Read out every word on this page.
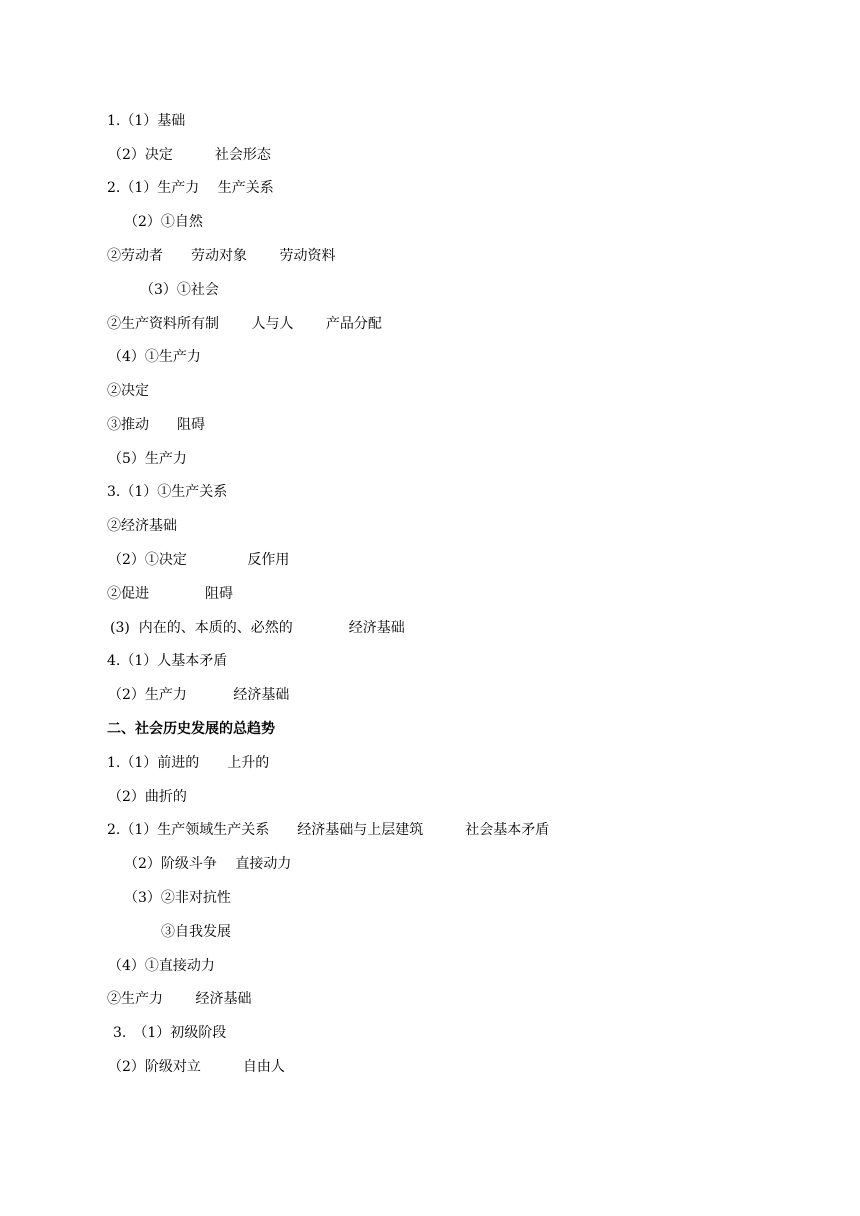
1.（1）基础
（2）决定　　　社会形态
2.（1）生产力　 生产关系
（2）①自然
②劳动者　　劳动对象　　 劳动资料
（3）①社会
②生产资料所有制　　 人与人　　 产品分配
（4）①生产力
②决定
③推动　　阻碍
（5）生产力
3.（1）①生产关系
②经济基础
（2）①决定　　　　 反作用
②促进　　　　阻碍
(3)  内在的、本质的、必然的　　　　经济基础
4.（1）人基本矛盾
（2）生产力　　　 经济基础
二、社会历史发展的总趋势
1.（1）前进的　　上升的
（2）曲折的
2.（1）生产领域生产关系　　经济基础与上层建筑　　　社会基本矛盾
（2）阶级斗争　 直接动力
（3）②非对抗性
③自我发展
（4）①直接动力
②生产力　　 经济基础
3.　（1）初级阶段
（2）阶级对立　　　自由人
